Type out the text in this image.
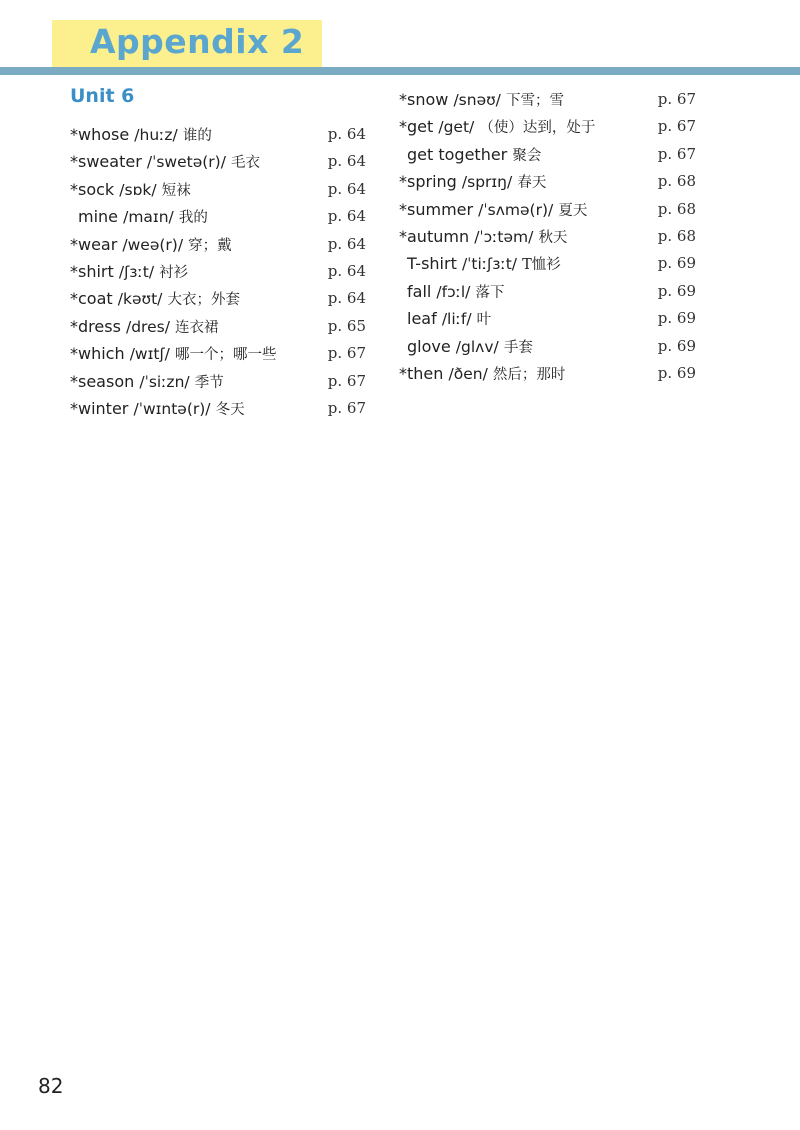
Appendix 2
Unit 6
*whose /huːz/ 谁的	p. 64
*sweater /ˈswetə(r)/ 毛衣	p. 64
*sock /sɒk/ 短袜	p. 64
mine /maɪn/ 我的	p. 64
*wear /weə(r)/ 穿；戴	p. 64
*shirt /ʃɜːt/ 衬衫	p. 64
*coat /kəʊt/ 大衣；外套	p. 64
*dress /dres/ 连衣裙	p. 65
*which /wɪtʃ/ 哪一个；哪一些	p. 67
*season /ˈsiːzn/ 季节	p. 67
*winter /ˈwɪntə(r)/ 冬天	p. 67
*snow /snəʊ/ 下雪；雪	p. 67
*get /get/ （使）达到，处于	p. 67
get together 聚会	p. 67
*spring /sprɪŋ/ 春天	p. 68
*summer /ˈsʌmə(r)/ 夏天	p. 68
*autumn /ˈɔːtəm/ 秋天	p. 68
T-shirt /ˈtiːʃɜːt/ T恤衫	p. 69
fall /fɔːl/ 落下	p. 69
leaf /liːf/ 叶	p. 69
glove /glʌv/ 手套	p. 69
*then /ðen/ 然后；那时	p. 69
82
